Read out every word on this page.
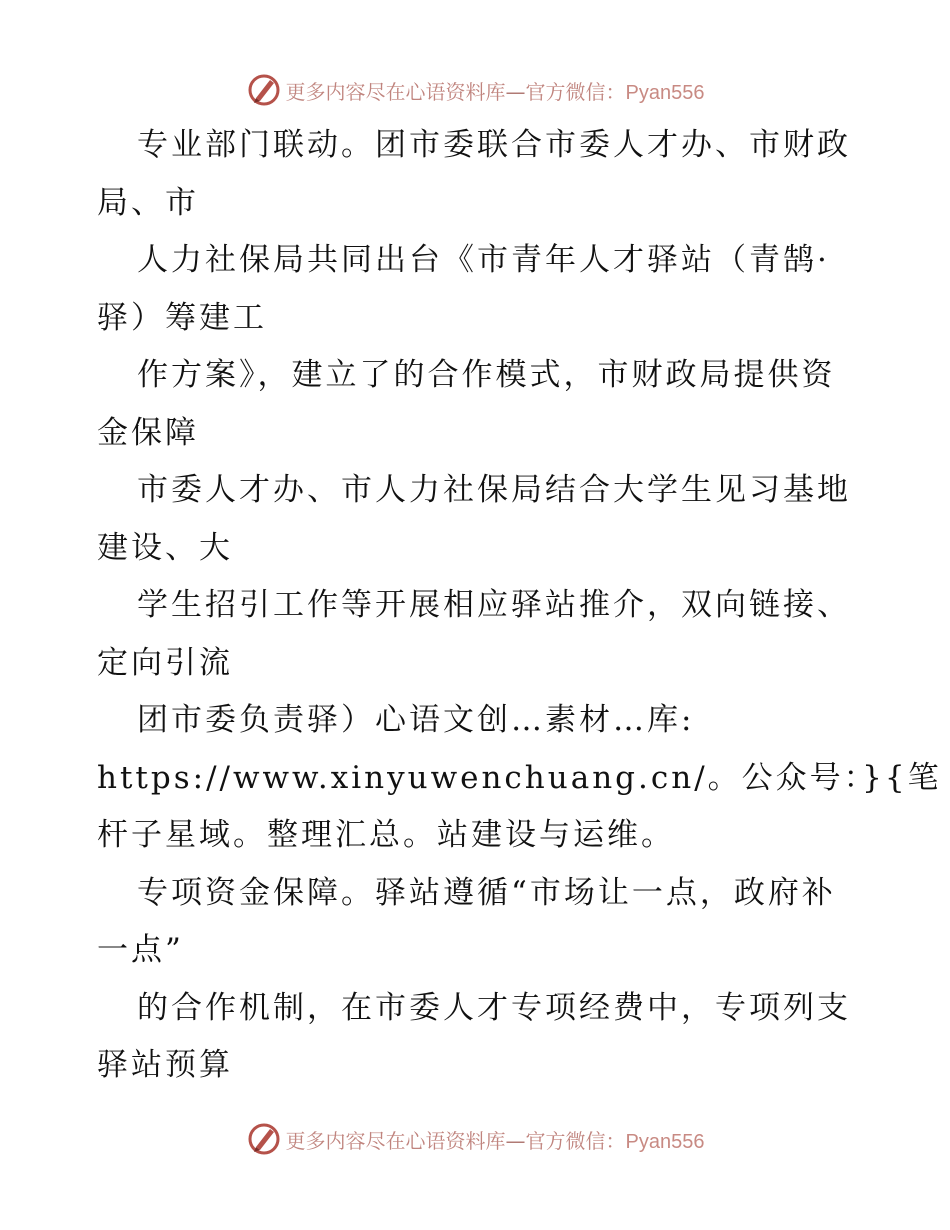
更多内容尽在心语资料库—官方微信：Pyan556
专业部门联动。团市委联合市委人才办、市财政
局、市
人力社保局共同出台《市青年人才驿站（青鹄·
驿）筹建工
作方案》，建立了的合作模式，市财政局提供资
金保障
市委人才办、市人力社保局结合大学生见习基地
建设、大
学生招引工作等开展相应驿站推介，双向链接、
定向引流
团市委负责驿）心语文创…素材…库:
https://www.xinyuwenchuang.cn/。公众号：}{笔
杆子星域。整理汇总。站建设与运维。
专项资金保障。驿站遵循“市场让一点，政府补
一点”
的合作机制，在市委人才专项经费中，专项列支
驿站预算
更多内容尽在心语资料库—官方微信：Pyan556
